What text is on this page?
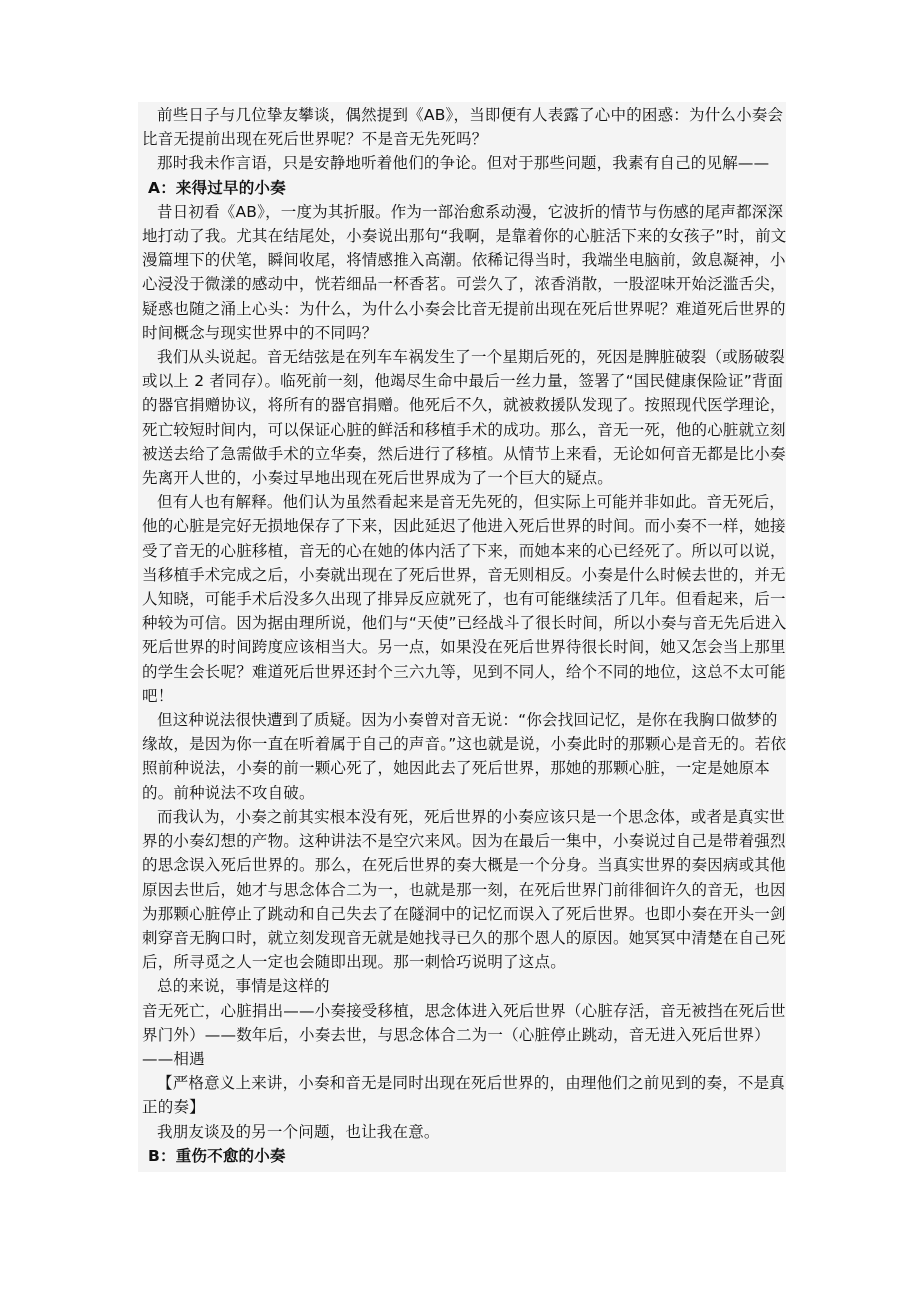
前些日子与几位挚友攀谈，偶然提到《AB》，当即便有人表露了心中的困惑：为什么小奏会比音无提前出现在死后世界呢？不是音无先死吗？

那时我未作言语，只是安静地听着他们的争论。但对于那些问题，我素有自己的见解——

A：来得过早的小奏

昔日初看《AB》，一度为其折服。作为一部治愈系动漫，它波折的情节与伤感的尾声都深深地打动了我。尤其在结尾处，小奏说出那句“我啊，是靠着你的心脏活下来的女孩子”时，前文漫篇埋下的伏笔，瞬间收尾，将情感推入高潮。依稀记得当时，我端坐电脑前，敛息凝神，小心浸没于微漾的感动中，恍若细品一杯香茗。可尝久了，浓香消散，一股涩味开始泛滥舌尖，疑惑也随之涌上心头：为什么，为什么小奏会比音无提前出现在死后世界呢？难道死后世界的时间概念与现实世界中的不同吗？

我们从头说起。音无结弦是在列车车祸发生了一个星期后死的，死因是脾脏破裂（或肠破裂或以上 2 者同存）。临死前一刻，他竭尽生命中最后一丝力量，签署了“国民健康保险证”背面的器官捐赠协议，将所有的器官捐赠。他死后不久，就被救援队发现了。按照现代医学理论，死亡较短时间内，可以保证心脏的鲜活和移植手术的成功。那么，音无一死，他的心脏就立刻被送去给了急需做手术的立华奏，然后进行了移植。从情节上来看，无论如何音无都是比小奏先离开人世的，小奏过早地出现在死后世界成为了一个巨大的疑点。

但有人也有解释。他们认为虽然看起来是音无先死的，但实际上可能并非如此。音无死后，他的心脏是完好无损地保存了下来，因此延迟了他进入死后世界的时间。而小奏不一样，她接受了音无的心脏移植，音无的心在她的体内活了下来，而她本来的心已经死了。所以可以说，当移植手术完成之后，小奏就出现在了死后世界，音无则相反。小奏是什么时候去世的，并无人知晓，可能手术后没多久出现了排异反应就死了，也有可能继续活了几年。但看起来，后一种较为可信。因为据由理所说，他们与“天使”已经战斗了很长时间，所以小奏与音无先后进入死后世界的时间跨度应该相当大。另一点，如果没在死后世界待很长时间，她又怎会当上那里的学生会长呢？难道死后世界还封个三六九等，见到不同人，给个不同的地位，这总不太可能吧！

但这种说法很快遭到了质疑。因为小奏曾对音无说：“你会找回记忆，是你在我胸口做梦的缘故，是因为你一直在听着属于自己的声音。”这也就是说，小奏此时的那颗心是音无的。若依照前种说法，小奏的前一颗心死了，她因此去了死后世界，那她的那颗心脏，一定是她原本的。前种说法不攻自破。

而我认为，小奏之前其实根本没有死，死后世界的小奏应该只是一个思念体，或者是真实世界的小奏幻想的产物。这种讲法不是空穴来风。因为在最后一集中，小奏说过自己是带着强烈的思念误入死后世界的。那么，在死后世界的奏大概是一个分身。当真实世界的奏因病或其他原因去世后，她才与思念体合二为一，也就是那一刻，在死后世界门前徘徊许久的音无，也因为那颗心脏停止了跳动和自己失去了在隧洞中的记忆而误入了死后世界。也即小奏在开头一剑刺穿音无胸口时，就立刻发现音无就是她找寻已久的那个恩人的原因。她冥冥中清楚在自己死后，所寻觅之人一定也会随即出现。那一刺恰巧说明了这点。

总的来说，事情是这样的

音无死亡，心脏捐出——小奏接受移植，思念体进入死后世界（心脏存活，音无被挡在死后世界门外）——数年后，小奏去世，与思念体合二为一（心脏停止跳动，音无进入死后世界）——相遇

【严格意义上来讲，小奏和音无是同时出现在死后世界的，由理他们之前见到的奏，不是真正的奏】

我朋友谈及的另一个问题，也让我在意。

B：重伤不愈的小奏
